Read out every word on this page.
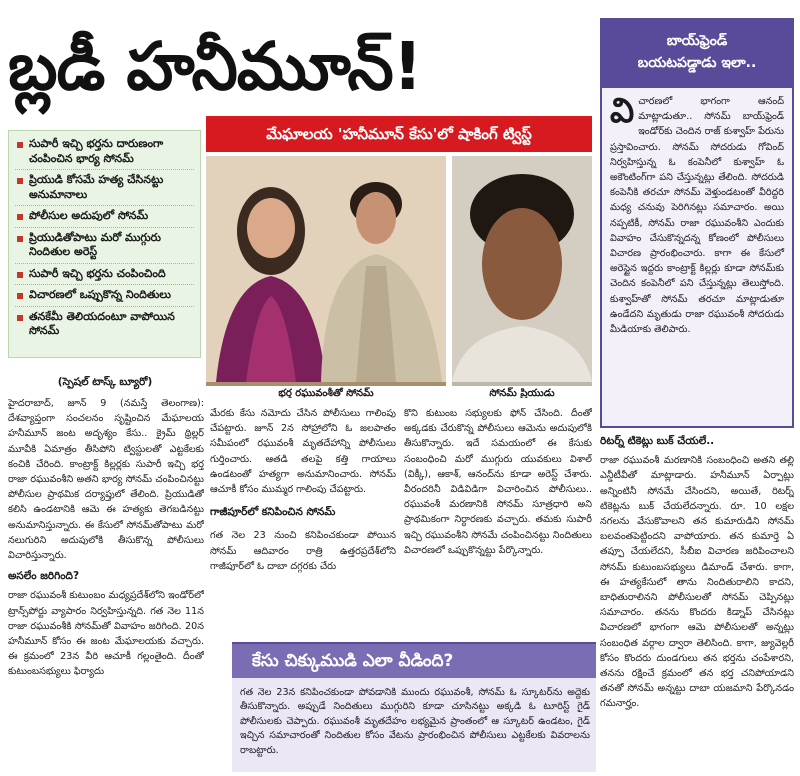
బ్లడీ హనీమూన్!	బాయ్‌ఫ్రెండ్
బయటపడ్డాడు ఇలా..
వి చారణలో భాగంగా ఆనంద్ మాట్లాడుతూ.. సోనమ్ బాయ్‌ఫ్రెండ్ ఇండోర్‌కు చెందిన రాజ్ కుశ్వాహ్ పేరును ప్రస్తావించారు. సోనమ్ సోదరుడు గోవింద్ నిర్వహిస్తున్న ఓ కంపెనీలో కుశ్వాహ్ ఓ అకౌంటింగ్‌గా పని చేస్తున్నట్లు తేలింది. సోదరుడి కంపెనీకి తరచూ సోనమ్ వెళ్తుండటంతో వీరిద్దరి మధ్య చనువు పెరిగినట్లు సమాచారం. అయి నప్పటికీ, సోనమ్ రాజా రఘువంశీని ఎందుకు వివాహం చేసుకొన్నదన్న కోణంలో పోలీసులు విచారణ ప్రారంభించారు. కాగా ఈ కేసులో అరెస్టైన ఇద్దరు కాంట్రాక్ట్ కిల్లర్లు కూడా సోనమ్‌కు చెందిన కంపెనీలో పని చేస్తున్నట్లు తెలుస్తోంది. కుశ్వాహ్‌తో సోనమ్ తరచూ మాట్లాడుతూ ఉండేదని మృతుడు రాజా రఘువంశీ సోదరుడు మీడియాకు తెలిపారు.
మేఘాలయ 'హనీమూన్ కేసు'లో షాకింగ్ ట్విస్ట్
సుపారీ ఇచ్చి భర్తను దారుణంగా చంపించిన భార్య సోనమ్
ప్రియుడి కోసమే హత్య చేసినట్టు అనుమానాలు
పోలీసుల అదుపులో సోనమ్
ప్రియుడితోపాటు మరో ముగ్గురు నిందితుల అరెస్ట్
సుపారీ ఇచ్చి భర్తను చంపించింది
విచారణలో ఒప్పుకొన్న నిందితులు
తనకేమీ తెలియదంటూ వాపోయిన సోనమ్
భర్త రఘువంశీతో సోనమ్	సోనమ్ ప్రియుడు
(స్పెషల్ టాస్క్ బ్యూరో)
హైదరాబాద్, జూన్ 9 (నమస్తే తెలంగాణ): దేశవ్యాప్తంగా సంచలనం సృష్టించిన మేఘాలయ హనీమూన్ జంట అదృశ్యం కేసు.. క్రైమ్ థ్రిల్లర్ మూవీకి ఏమాత్రం తీసిపోని ట్విస్టులతో ఎట్టకేలకు కంచికి చేరింది. కాంట్రాక్ట్ కిల్లర్లకు సుపారీ ఇచ్చి భర్త రాజా రఘువంశీని అతని భార్య సోనమ్ చంపించినట్టు పోలీసుల ప్రాథమిక దర్యాప్తులో తేలింది. ప్రియుడితో కలిసి ఉండటానికి ఆమె ఈ హత్యకు తెగబడినట్టు అనుమానిస్తున్నారు. ఈ కేసులో సోనమ్‌తోపాటు మరో నలుగురిని అదుపులోకి తీసుకొన్న పోలీసులు విచారిస్తున్నారు.
అసలేం జరిగింది?
రాజా రఘువంశీ కుటుంబం మధ్యప్రదేశ్‌లోని ఇండోర్‌లో ట్రాన్స్‌పోర్టు వ్యాపారం నిర్వహిస్తున్నది. గత నెల 11న రాజా రఘువంశీకి సోనమ్‌తో వివాహం జరిగింది. 20న హనీమూన్ కోసం ఈ జంట మేఘాలయకు వచ్చారు. ఈ క్రమంలో 23న వీరి ఆచూకీ గల్లంతైంది. దీంతో కుటుంబసభ్యులు ఫిర్యాదు
మేరకు కేసు నమోదు చేసిన పోలీసులు గాలింపు చేపట్టారు. జూన్ 2న సోహ్రాలోని ఓ జలపాతం సమీపంలో రఘువంశీ మృతదేహాన్ని పోలీసులు గుర్తించారు. ఆతడి తలపై కత్తి గాయాలు ఉండటంతో హత్యగా అనుమానించారు. సోనమ్ ఆచూకీ కోసం ముమ్మర గాలింపు చేపట్టారు.
గాజీపూర్‌లో కనిపించిన సోనమ్
గత నెల 23 నుంచి కనిపించకుండా పోయిన సోనమ్ ఆదివారం రాత్రి ఉత్తరప్రదేశ్‌లోని గాజీపూర్‌లో ఓ దాబా దగ్గరకు చేరు
కొని కుటుంబ సభ్యులకు ఫోన్ చేసింది. దీంతో అక్కడకు చేరుకొన్న పోలీసులు ఆమెను అదుపులోకి తీసుకొన్నారు. ఇదే సమయంలో ఈ కేసుకు సంబంధించి మరో ముగ్గురు యువకులు విశాల్ (విక్కీ), ఆకాశ్, ఆనంద్‌ను కూడా అరెస్ట్ చేశారు. వీరందరినీ విడివిడిగా విచారించిన పోలీసులు.. రఘువంశీ మరణానికి సోనమ్ సూత్రధారి అని ప్రాథమికంగా నిర్ధారణకు వచ్చారు. తమకు సుపారీ ఇచ్చి రఘువంశీని సోనమే చంపించినట్టు నిందితులు విచారణలో ఒప్పుకొన్నట్టు పేర్కొన్నారు.
రిటర్న్ టికెట్లు బుక్ చేయలే..
రాజా రఘువంశీ మరణానికి సంబంధించి అతని తల్లి ఎన్డీటీవీతో మాట్లాడారు. హనీమూన్ ఏర్పాట్లు అన్నింటినీ సోనమే చేసిందని, అయితే, రిటర్న్ టికెట్లను బుక్ చేయలేదన్నారు. రూ. 10 లక్షల నగలను వేసుకొవాలని తన కుమారుడిని సోనమ్ బలవంతపెట్టిందని వాపోయారు. తన కుమార్తె ఏ తప్పూ చేయలేదని, సీబీఐ విచారణ జరిపించాలని సోనమ్ కుటుంబసభ్యులు డిమాండ్ చేశారు. కాగా, ఈ హత్యకేసులో తాను నిందితురాలిని కాదని, బాధితురాలినని పోలీసులతో సోనమ్ చెప్పినట్లు సమాచారం. తనను కొందరు కిడ్నాప్ చేసినట్లు విచారణలో భాగంగా ఆమె పోలీసులతో అన్నట్లు సంబంధిత వర్గాల ద్వారా తెలిసింది. కాగా, జ్యువెల్లరీ కోసం కొందరు దుండగులు తన భర్తను చంపేశారని, తనను రక్షించే క్రమంలో తన భర్త చనిపోయాడని తనతో సోనమ్ అన్నట్టు దాబా యజమాని పేర్కొనడం గమనార్హం.
కేసు చిక్కుముడి ఎలా వీడింది?
గత నెల 23న కనిపించకుండా పోవడానికి ముందు రఘువంశీ, సోనమ్ ఓ స్కూటర్‌ను అద్దెకు తీసుకొన్నారు. అప్పుడే నిందితులు ముగ్గురిని కూడా చూసినట్టు అక్కడి ఓ టూరిస్ట్ గైడ్ పోలీసులకు చెప్పారు. రఘువంశీ మృతదేహం లభ్యమైన ప్రాంతంలో ఆ స్కూటర్ ఉండటం, గైడ్ ఇచ్చిన సమాచారంతో నిందితుల కోసం వేటను ప్రారంభించిన పోలీసులు ఎట్టకేలకు వివరాలను రాబట్టారు.
